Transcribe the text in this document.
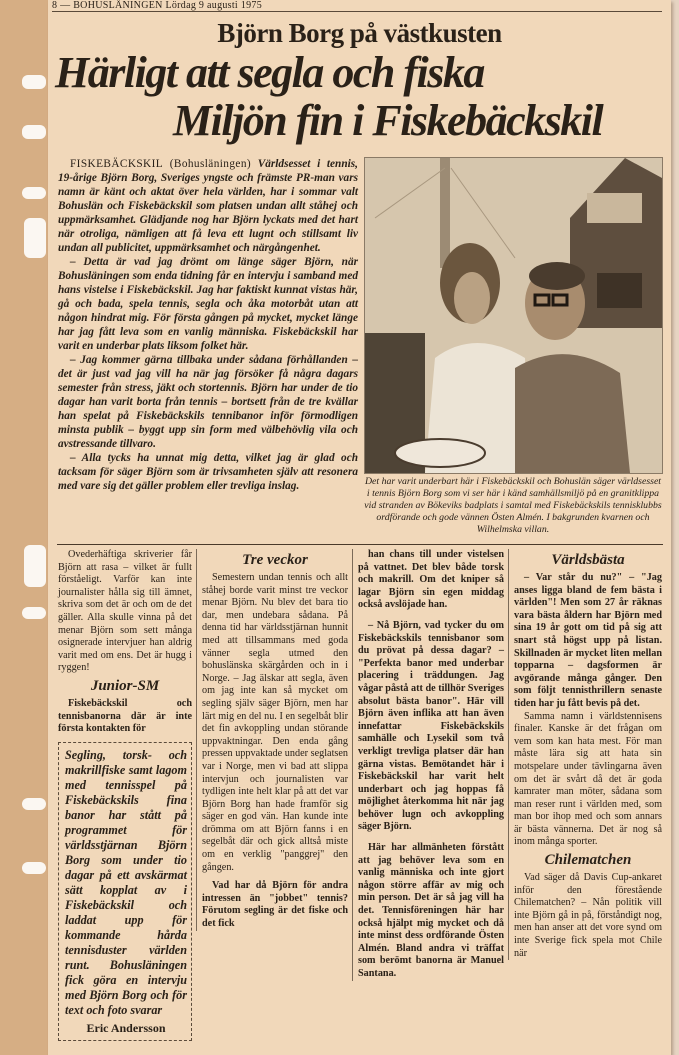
8 — BOHUSLÄNINGEN Lördag 9 augusti 1975
Björn Borg på västkusten
Härligt att segla och fiska
Miljön fin i Fiskebäckskil

FISKEBÄCKSKIL (Bohusläningen) Världsesset i tennis, 19-årige Björn Borg, Sveriges yngste och främste PR-man vars namn är känt och aktat över hela världen, har i sommar valt Bohuslän och Fiskebäckskil som platsen undan allt ståhej och uppmärksamhet. Glädjande nog har Björn lyckats med det hart när otroliga, nämligen att få leva ett lugnt och stillsamt liv undan all publicitet, uppmärksamhet och närgångenhet.

– Detta är vad jag drömt om länge säger Björn, när Bohusläningen som enda tidning får en intervju i samband med hans vistelse i Fiskebäckskil. Jag har faktiskt kunnat vistas här, gå och bada, spela tennis, segla och åka motorbåt utan att någon hindrat mig. För första gången på mycket, mycket länge har jag fått leva som en vanlig människa. Fiskebäckskil har varit en underbar plats liksom folket här.

– Jag kommer gärna tillbaka under sådana förhållanden – det är just vad jag vill ha när jag försöker få några dagars semester från stress, jäkt och stortennis. Björn har under de tio dagar han varit borta från tennis – bortsett från de tre kvällar han spelat på Fiskebäckskils tennibanor inför förmodligen minsta publik – byggt upp sin form med välbehövlig vila och avstressande tillvaro.

– Alla tycks ha unnat mig detta, vilket jag är glad och tacksam för säger Björn som är trivsamheten själv att resonera med vare sig det gäller problem eller trevliga inslag.	Det har varit underbart här i Fiskebäckskil och Bohuslän säger världsesset i tennis Björn Borg som vi ser här i känd samhällsmiljö på en granitklippa vid stranden av Bökeviks badplats i samtal med Fiskebäckskils tennisklubbs ordförande och gode vännen Östen Almén. I bakgrunden kvarnen och Wilhelmska villan.

Ovederhäftiga skriverier får Björn att rasa – vilket är fullt förståeligt. Varför kan inte journalister hålla sig till ämnet, skriva som det är och om de det gäller. Alla skulle vinna på det menar Björn som sett många osignerade intervjuer han aldrig varit med om ens. Det är hugg i ryggen!

Junior-SM

Fiskebäckskil och tennisbanorna där är inte första kontakten för

Segling, torsk- och makrillfiske samt lagom med tennisspel på Fiskebäckskils fina banor har stått på programmet för världsstjärnan Björn Borg som under tio dagar på ett avskärmat sätt kopplat av i Fiskebäckskil och laddat upp för kommande hårda tennisduster världen runt. Bohusläningen fick göra en intervju med Björn Borg och för text och foto svarar
Eric Andersson
Tre veckor

Semestern undan tennis och allt ståhej borde varit minst tre veckor menar Björn. Nu blev det bara tio dar, men undebara sådana. På denna tid har världsstjärnan hunnit med att tillsammans med goda vänner segla utmed den bohuslänska skärgården och in i Norge. – Jag älskar att segla, även om jag inte kan så mycket om segling själv säger Björn, men har lärt mig en del nu. I en segelbåt blir det fin avkoppling undan störande uppvaktningar. Den enda gång pressen uppvaktade under seglatsen var i Norge, men vi bad att slippa intervjun och journalisten var tydligen inte helt klar på att det var Björn Borg han hade framför sig säger en god vän. Han kunde inte drömma om att Björn fanns i en segelbåt där och gick alltså miste om en verklig "panggrej" den gången.

Vad har då Björn för andra intressen än "jobbet" tennis? Förutom segling är det fiske och det fick

han chans till under vistelsen på vattnet. Det blev både torsk och makrill. Om det kniper så lagar Björn sin egen middag också avslöjade han.

– Nå Björn, vad tycker du om Fiskebäckskils tennisbanor som du prövat på dessa dagar? – "Perfekta banor med underbar placering i träddungen. Jag vågar påstå att de tillhör Sveriges absolut bästa banor". Här vill Björn även inflika att han även innefattar Fiskebäckskils samhälle och Lysekil som två verkligt trevliga platser där han gärna vistas. Bemötandet här i Fiskebäckskil har varit helt underbart och jag hoppas få möjlighet återkomma hit när jag behöver lugn och avkoppling säger Björn.

Här har allmänheten förstått att jag behöver leva som en vanlig människa och inte gjort någon större affär av mig och min person. Det är så jag vill ha det. Tennisföreningen här har också hjälpt mig mycket och då inte minst dess ordförande Östen Almén. Bland andra vi träffat som berömt banorna är Manuel Santana.

Världsbästa

– Var står du nu?" – "Jag anses ligga bland de fem bästa i världen"! Men som 27 år räknas vara bästa åldern har Björn med sina 19 år gott om tid på sig att snart stå högst upp på listan. Skillnaden är mycket liten mellan topparna – dagsformen är avgörande många gånger. Den som följt tennisthrillern senaste tiden har ju fått bevis på det.

Samma namn i världstennisens finaler. Kanske är det frågan om vem som kan hata mest. För man måste lära sig att hata sin motspelare under tävlingarna även om det är svårt då det är goda kamrater man möter, sådana som man reser runt i världen med, som man bor ihop med och som annars är bästa vännerna. Det är nog så inom många sporter.

Chilematchen

Vad säger då Davis Cup-ankaret inför den förestående Chilematchen? – Nån politik vill inte Björn gå in på, förståndigt nog, men han anser att det vore synd om inte Sverige fick spela mot Chile när
